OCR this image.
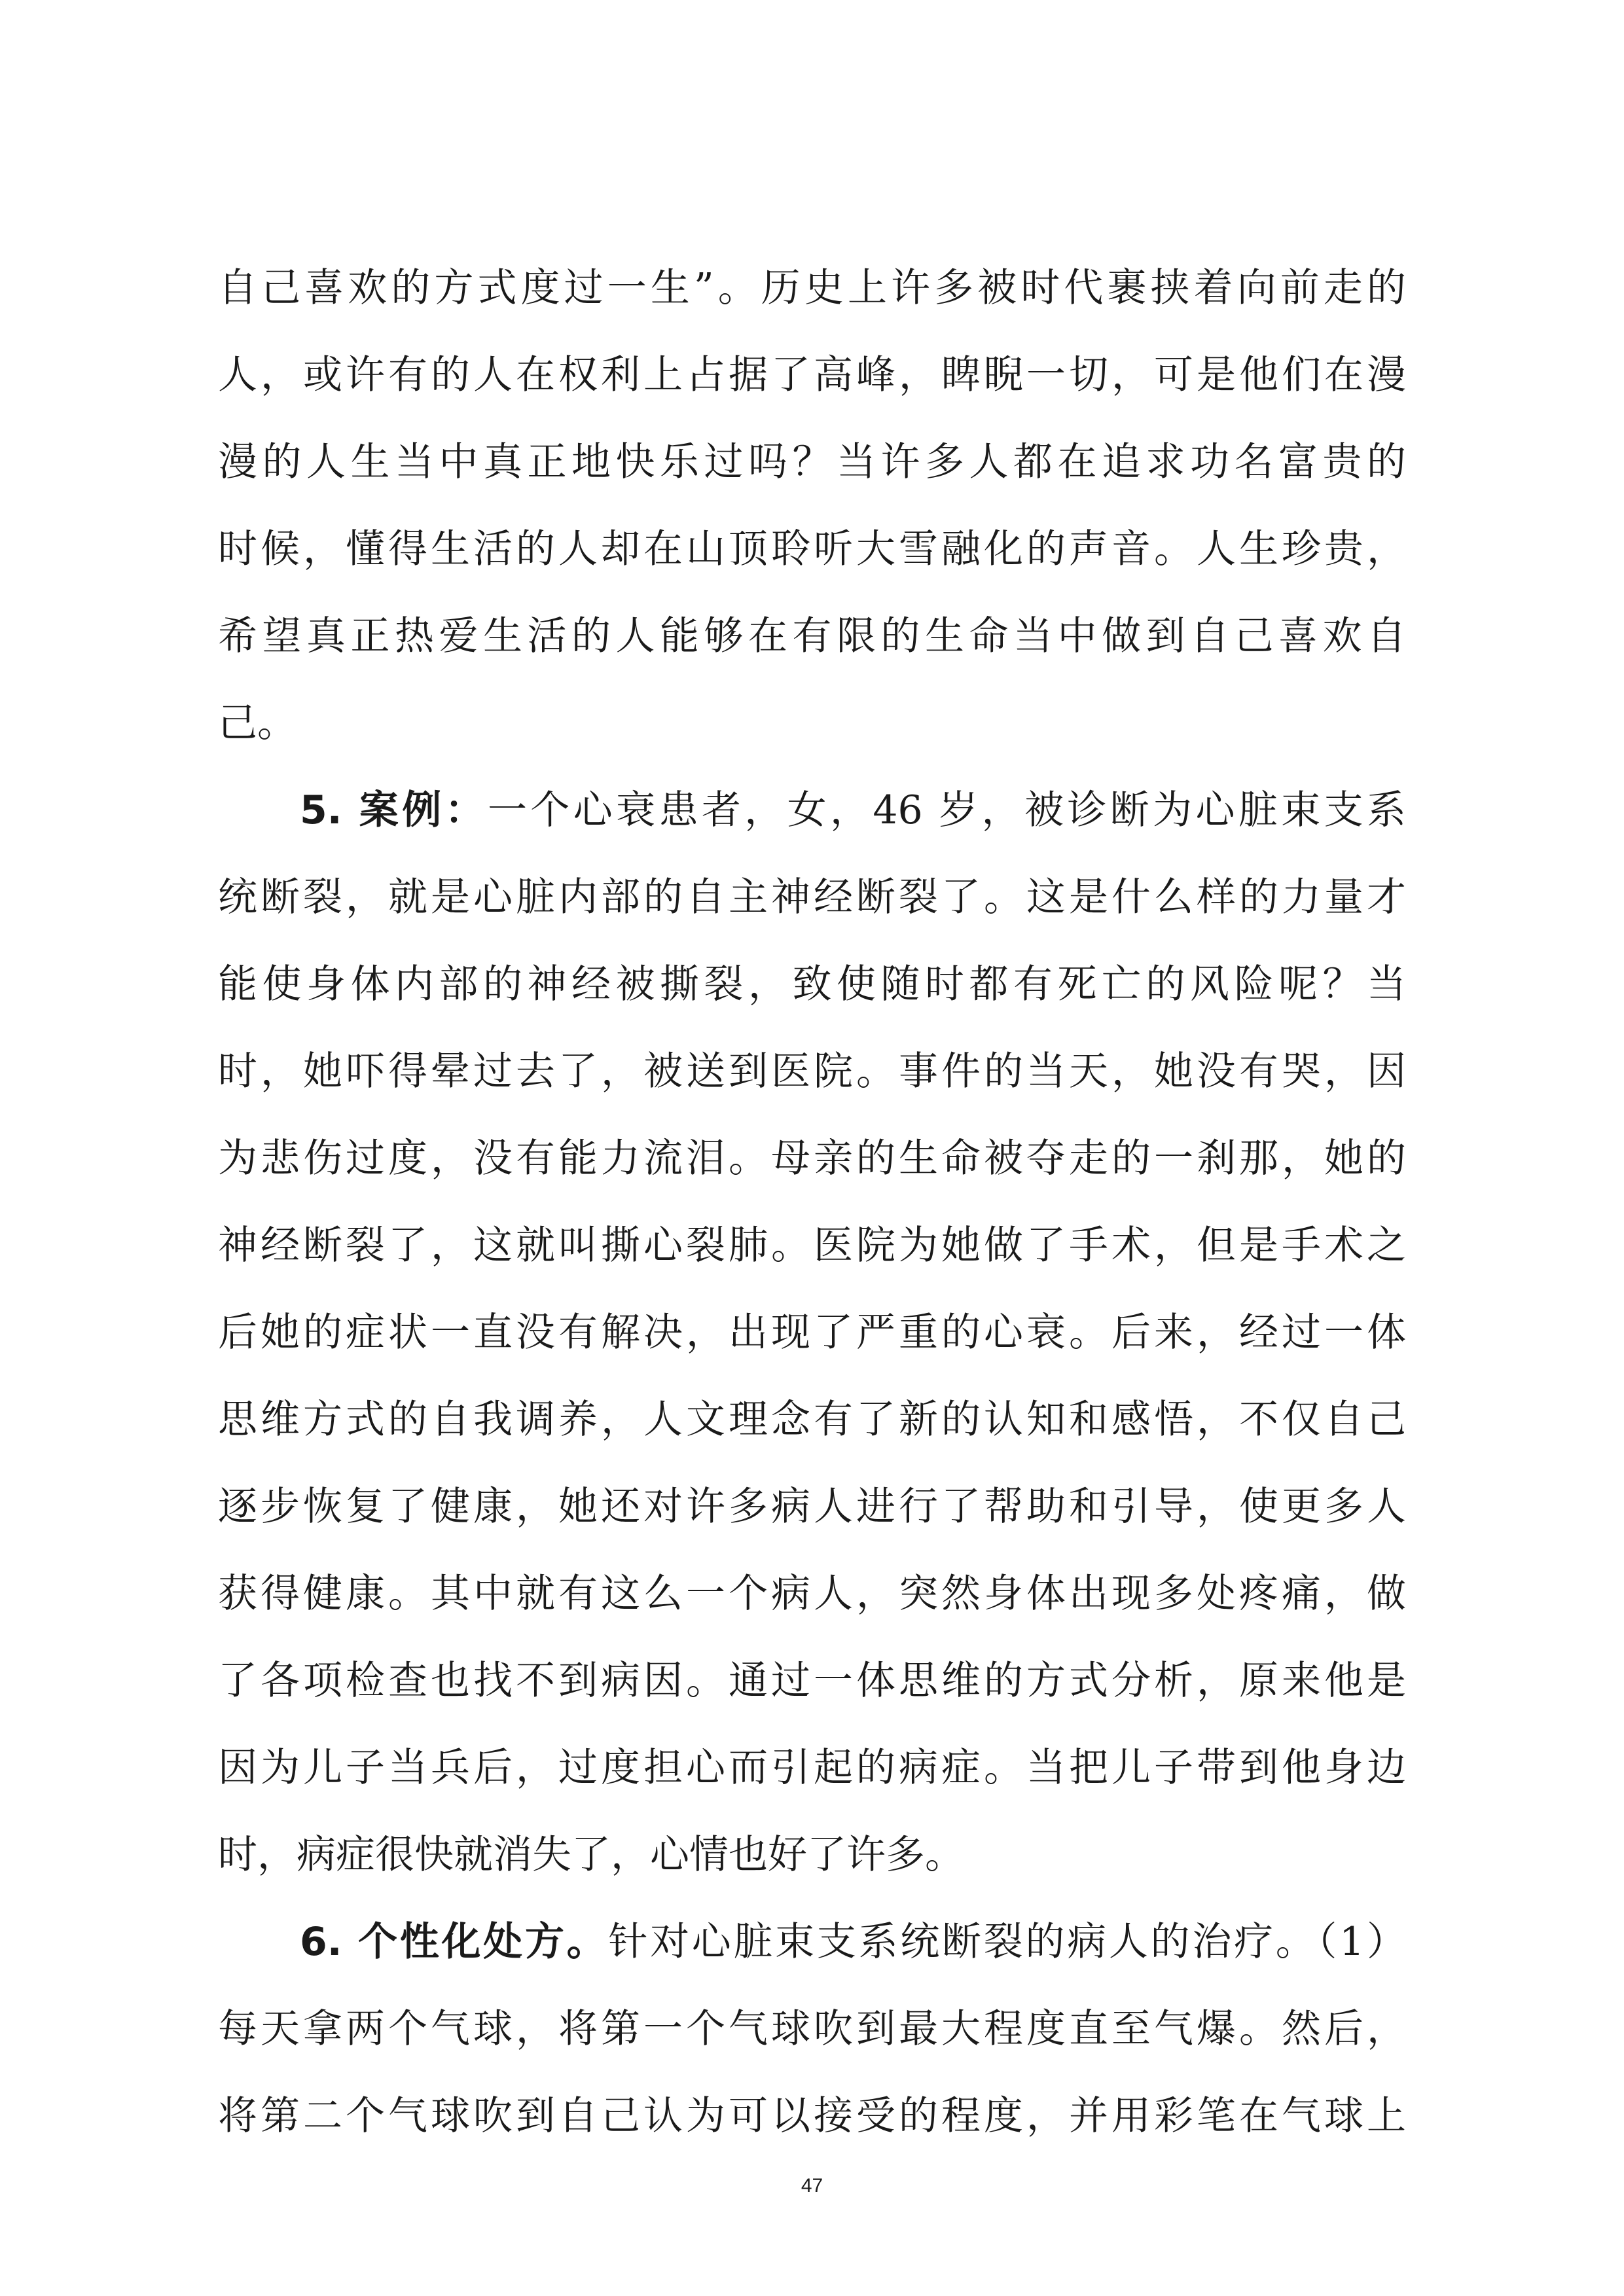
自己喜欢的方式度过一生”。历史上许多被时代裹挟着向前走的
人，或许有的人在权利上占据了高峰，睥睨一切，可是他们在漫
漫的人生当中真正地快乐过吗？当许多人都在追求功名富贵的
时候，懂得生活的人却在山顶聆听大雪融化的声音。人生珍贵，
希望真正热爱生活的人能够在有限的生命当中做到自己喜欢自
己。
5. 案例：一个心衰患者，女，46 岁，被诊断为心脏束支系
统断裂，就是心脏内部的自主神经断裂了。这是什么样的力量才
能使身体内部的神经被撕裂，致使随时都有死亡的风险呢？当
时，她吓得晕过去了，被送到医院。事件的当天，她没有哭，因
为悲伤过度，没有能力流泪。母亲的生命被夺走的一刹那，她的
神经断裂了，这就叫撕心裂肺。医院为她做了手术，但是手术之
后她的症状一直没有解决，出现了严重的心衰。后来，经过一体
思维方式的自我调养，人文理念有了新的认知和感悟，不仅自己
逐步恢复了健康，她还对许多病人进行了帮助和引导，使更多人
获得健康。其中就有这么一个病人，突然身体出现多处疼痛，做
了各项检查也找不到病因。通过一体思维的方式分析，原来他是
因为儿子当兵后，过度担心而引起的病症。当把儿子带到他身边
时，病症很快就消失了，心情也好了许多。
6. 个性化处方。针对心脏束支系统断裂的病人的治疗。（1）
每天拿两个气球，将第一个气球吹到最大程度直至气爆。然后，
将第二个气球吹到自己认为可以接受的程度，并用彩笔在气球上
47
